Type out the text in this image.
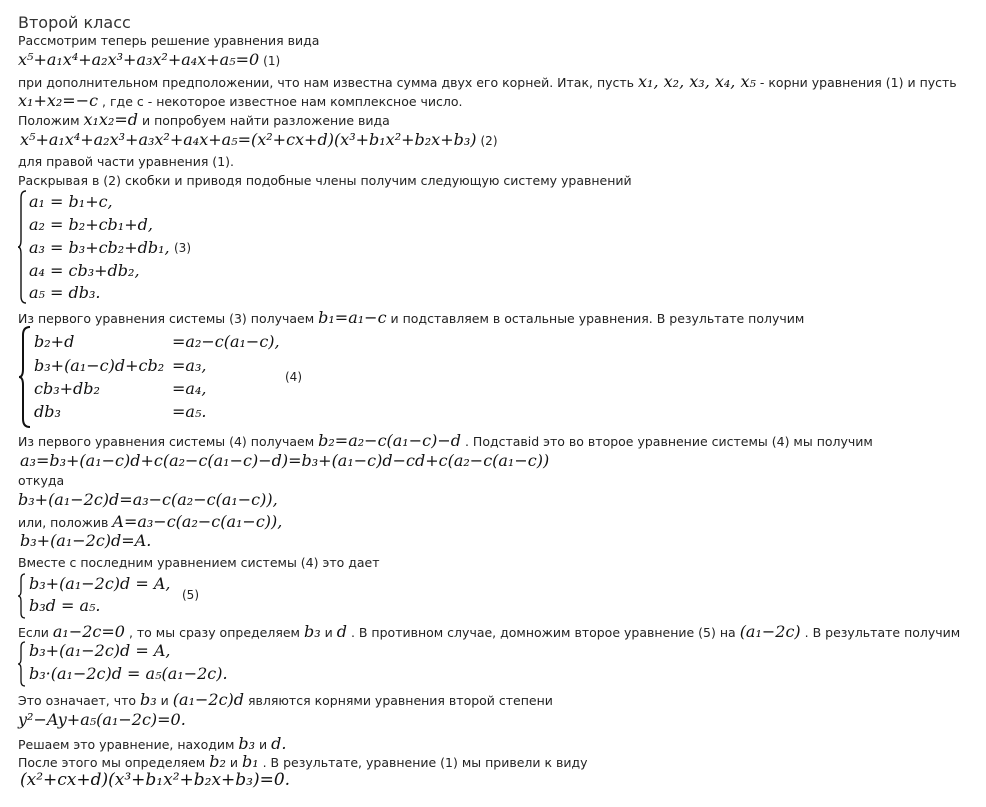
Второй класс
Рассмотрим теперь решение уравнения вида
x⁵+a₁x⁴+a₂x³+a₃x²+a₄x+a₅=0 (1)
при дополнительном предположении, что нам известна сумма двух его корней. Итак, пусть x₁, x₂, x₃, x₄, x₅ - корни уравнения (1) и пусть
x₁+x₂=−c , где c - некоторое известное нам комплексное число.
Положим x₁x₂=d и попробуем найти разложение вида
x⁵+a₁x⁴+a₂x³+a₃x²+a₄x+a₅=(x²+cx+d)(x³+b₁x²+b₂x+b₃) (2)
для правой части уравнения (1).
Раскрывая в (2) скобки и приводя подобные члены получим следующую систему уравнений
a₁ = b₁+c,
a₂ = b₂+cb₁+d,
a₃ = b₃+cb₂+db₁,
a₄ = cb₃+db₂,
a₅ = db₃.
(3)
Из первого уравнения системы (3) получаем b₁=a₁−c и подставляем в остальные уравнения. В результате получим
b₂+d
b₃+(a₁−c)d+cb₂
cb₃+db₂
db₃
=a₂−c(a₁−c),
=a₃,
=a₄,
=a₅.
(4)
Из первого уравнения системы (4) получаем b₂=a₂−c(a₁−c)−d . Подставid это во второе уравнение системы (4) мы получим
a₃=b₃+(a₁−c)d+c(a₂−c(a₁−c)−d)=b₃+(a₁−c)d−cd+c(a₂−c(a₁−c))
откуда
b₃+(a₁−2c)d=a₃−c(a₂−c(a₁−c)),
или, положив A=a₃−c(a₂−c(a₁−c)),
b₃+(a₁−2c)d=A.
Вместе с последним уравнением системы (4) это дает
b₃+(a₁−2c)d = A,
b₃d = a₅.
(5)
Если a₁−2c=0 , то мы сразу определяем b₃ и d . В противном случае, домножим второе уравнение (5) на (a₁−2c) . В результате получим
b₃+(a₁−2c)d = A,
b₃·(a₁−2c)d = a₅(a₁−2c).
Это означает, что b₃ и (a₁−2c)d являются корнями уравнения второй степени
y²−Ay+a₅(a₁−2c)=0.
Решаем это уравнение, находим b₃ и d.
После этого мы определяем b₂ и b₁ . В результате, уравнение (1) мы привели к виду
(x²+cx+d)(x³+b₁x²+b₂x+b₃)=0.
